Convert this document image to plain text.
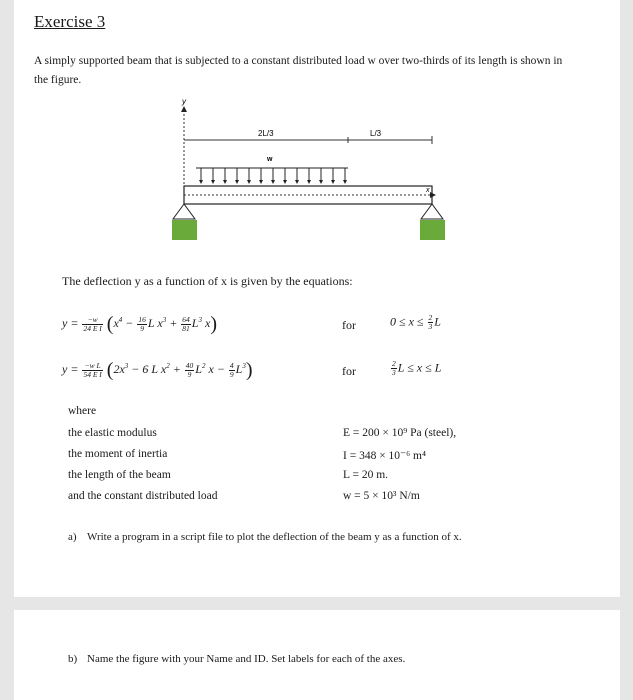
Exercise 3
A simply supported beam that is subjected to a constant distributed load w over two-thirds of its length is shown in the figure.
y
2L/3	L/3
w
x
The deflection y as a function of x is given by the equations:
$y = \frac{-w}{\text{24 E I}} (x^4 - \frac{16}{9}$ L $x^3 + \frac{64}{81} L^3$ x)	for	$0 \le x \le \frac{2}{3}$ L
$y = \frac{\text{−w L}}{\text{54 E I}} (2x^3 - 6$ L $x^2 + \frac{40}{9} L^2$ $x - \frac{4}{9} L^3$)	for	$\frac{2}{3}$ L ≤ x ≤ L
where
the elastic modulus	E = 200 × 10⁹ Pa (steel),
the moment of inertia	I = 348 × 10⁻⁶ m⁴
the length of the beam	L = 20 m.
and the constant distributed load	w = 5 × 10³ N/m
a) Write a program in a script file to plot the deflection of the beam y as a function of x.
b) Name the figure with your Name and ID. Set labels for each of the axes.
